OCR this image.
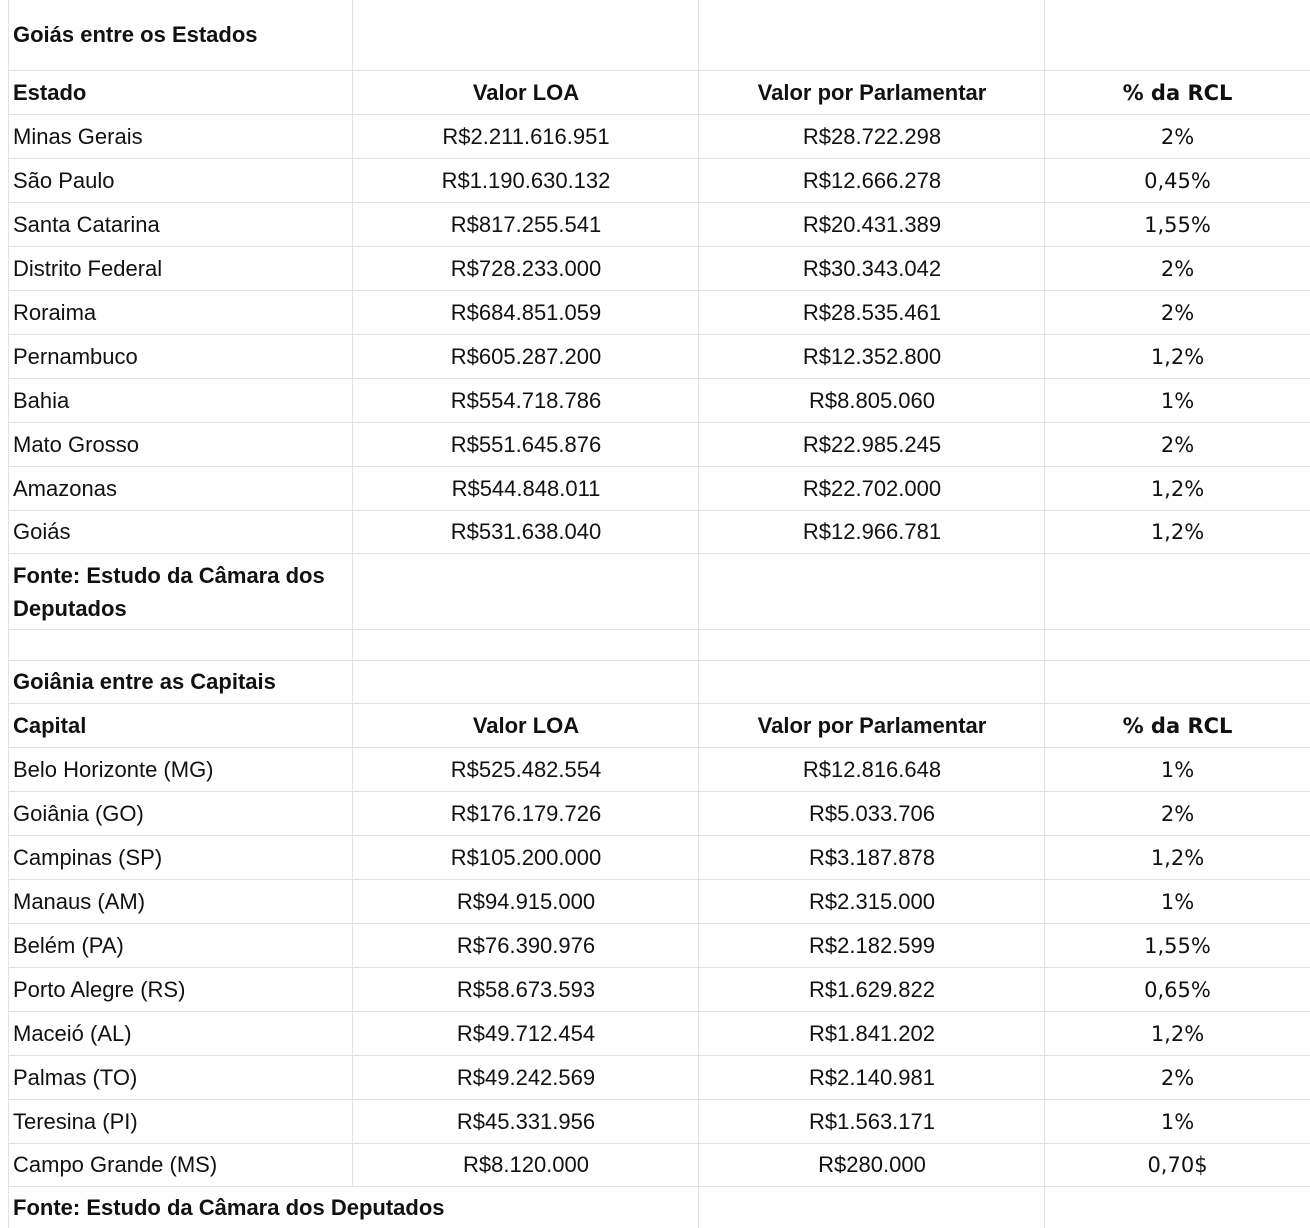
Goiás entre os Estados
Estado	Valor LOA	Valor por Parlamentar	% da RCL
Minas Gerais	R$2.211.616.951	R$28.722.298	2%
São Paulo	R$1.190.630.132	R$12.666.278	0,45%
Santa Catarina	R$817.255.541	R$20.431.389	1,55%
Distrito Federal	R$728.233.000	R$30.343.042	2%
Roraima	R$684.851.059	R$28.535.461	2%
Pernambuco	R$605.287.200	R$12.352.800	1,2%
Bahia	R$554.718.786	R$8.805.060	1%
Mato Grosso	R$551.645.876	R$22.985.245	2%
Amazonas	R$544.848.011	R$22.702.000	1,2%
Goiás	R$531.638.040	R$12.966.781	1,2%
Fonte: Estudo da Câmara dos Deputados
Goiânia entre as Capitais
Capital	Valor LOA	Valor por Parlamentar	% da RCL
Belo Horizonte (MG)	R$525.482.554	R$12.816.648	1%
Goiânia (GO)	R$176.179.726	R$5.033.706	2%
Campinas (SP)	R$105.200.000	R$3.187.878	1,2%
Manaus (AM)	R$94.915.000	R$2.315.000	1%
Belém (PA)	R$76.390.976	R$2.182.599	1,55%
Porto Alegre (RS)	R$58.673.593	R$1.629.822	0,65%
Maceió (AL)	R$49.712.454	R$1.841.202	1,2%
Palmas (TO)	R$49.242.569	R$2.140.981	2%
Teresina (PI)	R$45.331.956	R$1.563.171	1%
Campo Grande (MS)	R$8.120.000	R$280.000	0,70$
Fonte: Estudo da Câmara dos Deputados
